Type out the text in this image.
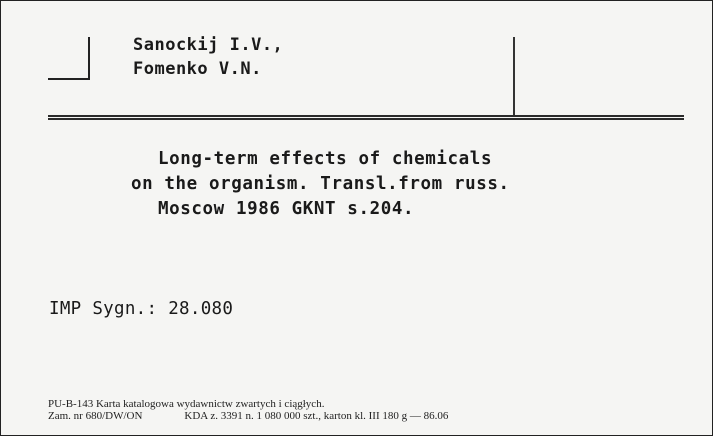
Sanockij I.V.,
Fomenko V.N.
Long-term effects of chemicals
on the organism. Transl.from russ.
Moscow 1986 GKNT s.204.
IMP Sygn.: 28.080
PU-B-143 Karta katalogowa wydawnictw zwartych i ciągłych.
Zam. nr 680/DW/ON	KDA z. 3391 n. 1 080 000 szt., karton kl. III 180 g — 86.06
